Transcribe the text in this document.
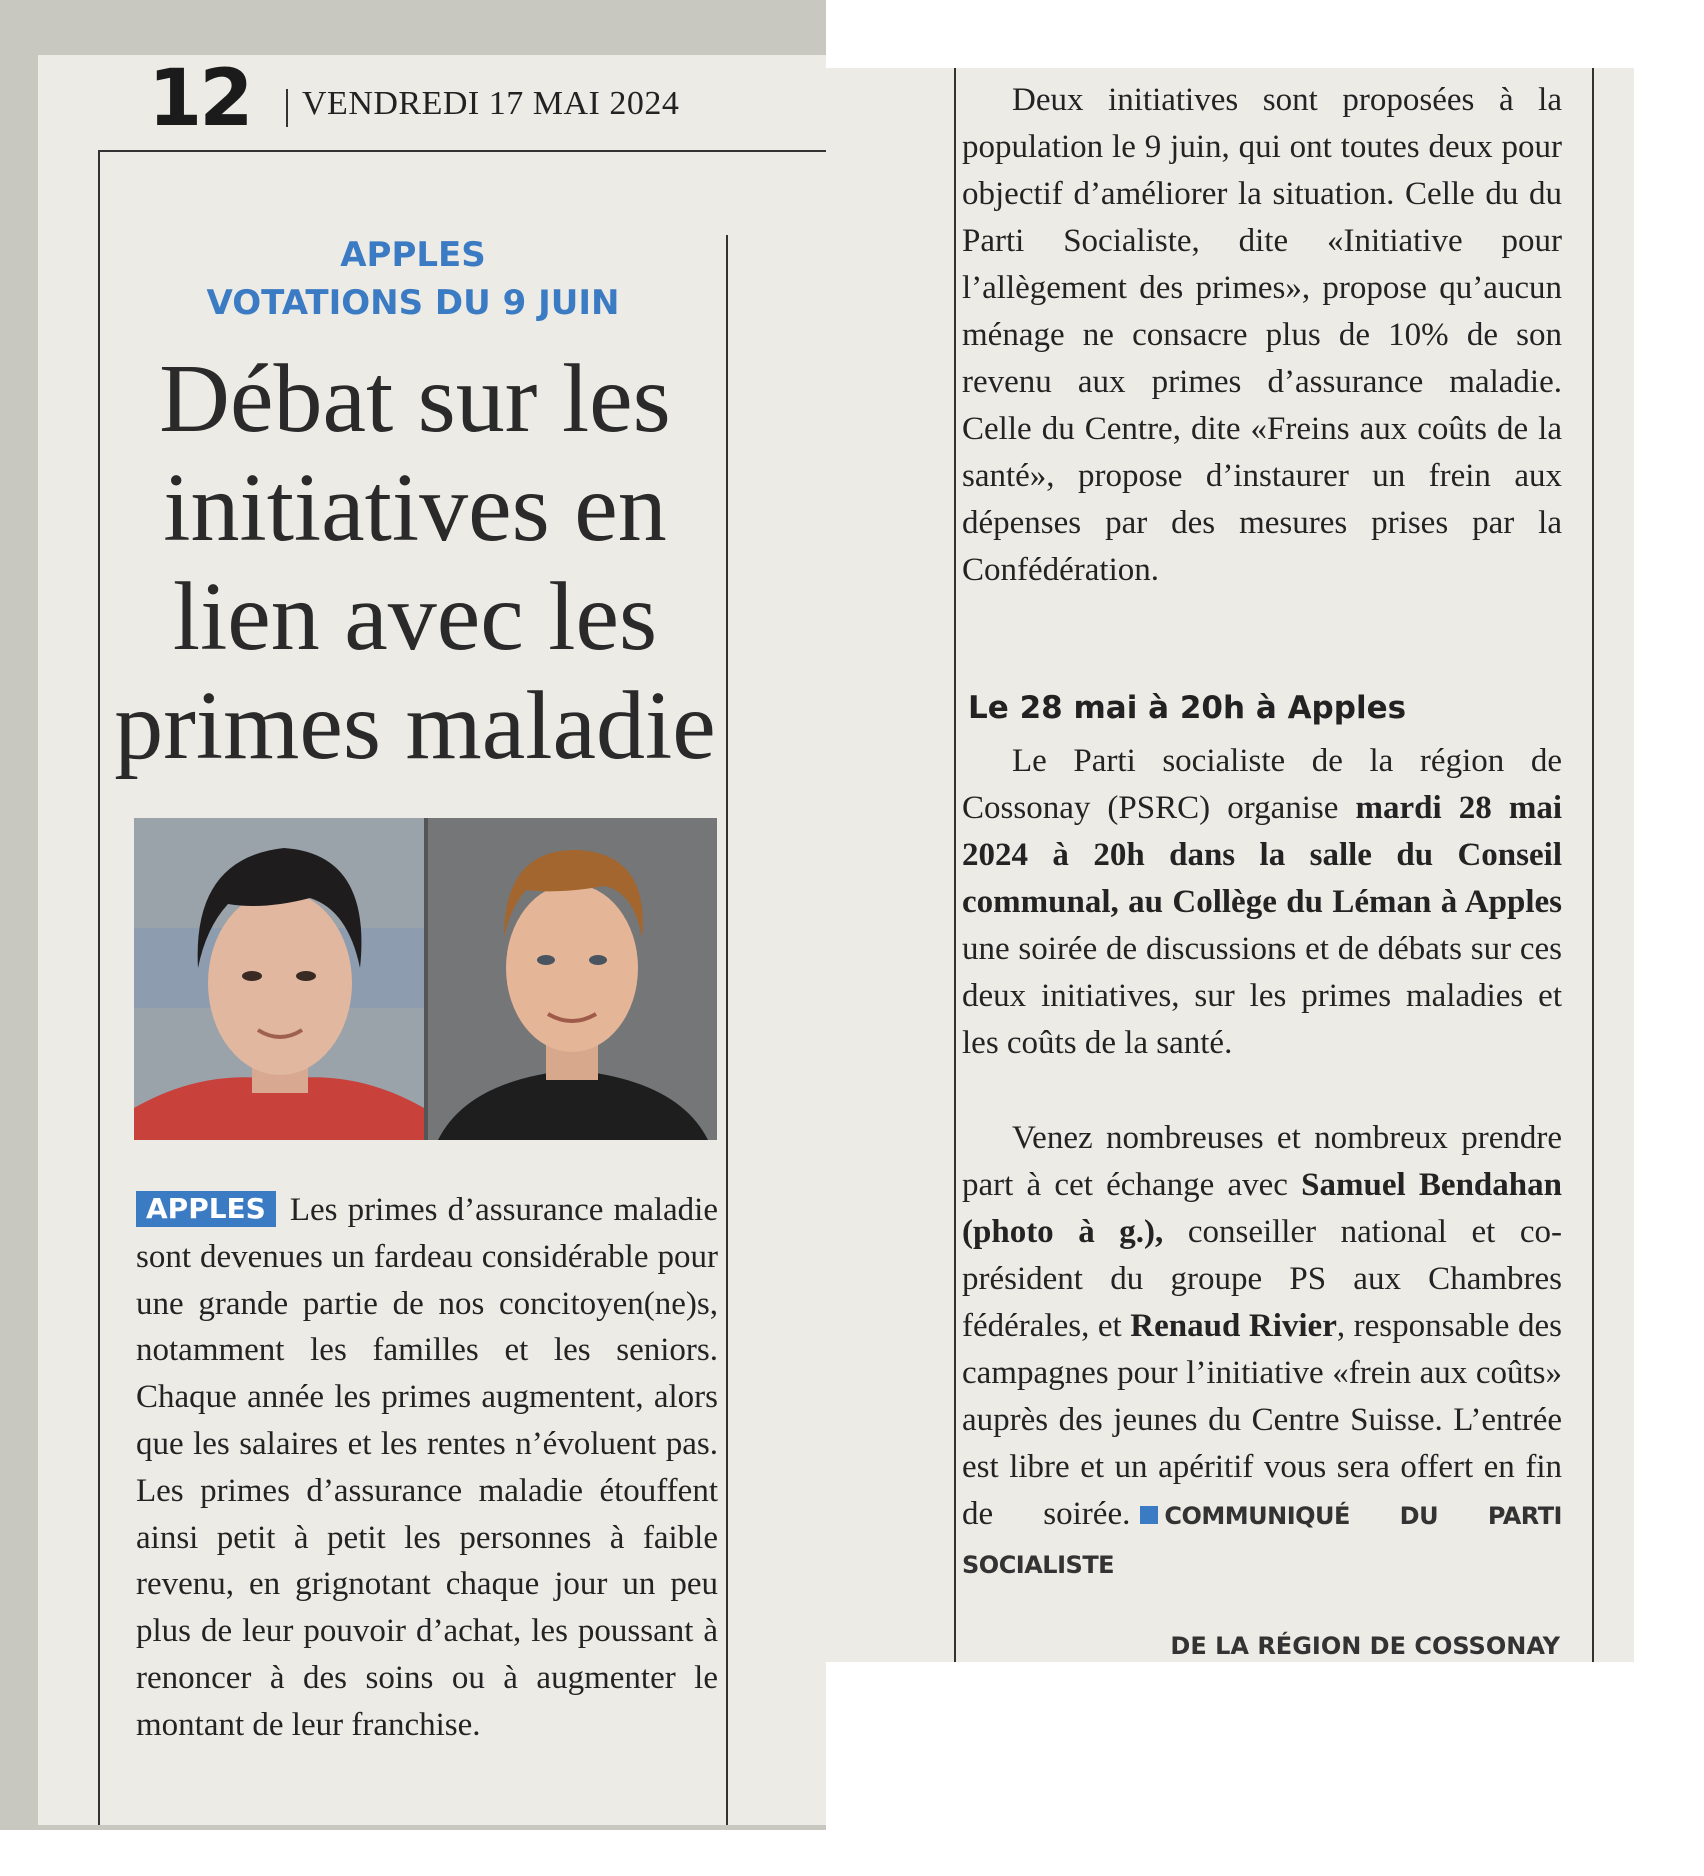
12 VENDREDI 17 MAI 2024
APPLES
VOTATIONS DU 9 JUIN
Débat sur les initiatives en lien avec les primes maladie
APPLES Les primes d’assurance maladie sont devenues un fardeau considérable pour une grande partie de nos concitoyen(ne)s, notamment les familles et les seniors. Chaque année les primes augmentent, alors que les salaires et les rentes n’évoluent pas. Les primes d’assurance maladie étouffent ainsi petit à petit les personnes à faible revenu, en grignotant chaque jour un peu plus de leur pouvoir d’achat, les poussant à renoncer à des soins ou à augmenter le montant de leur franchise.
Deux initiatives sont proposées à la population le 9 juin, qui ont toutes deux pour objectif d’améliorer la situation. Celle du du Parti Socialiste, dite «Initiative pour l’allègement des primes», propose qu’aucun ménage ne consacre plus de 10% de son revenu aux primes d’assurance maladie. Celle du Centre, dite «Freins aux coûts de la santé», propose d’instaurer un frein aux dépenses par des mesures prises par la Confédération.
Le 28 mai à 20h à Apples
Le Parti socialiste de la région de Cossonay (PSRC) organise mardi 28 mai 2024 à 20h dans la salle du Conseil communal, au Collège du Léman à Apples une soirée de discussions et de débats sur ces deux initiatives, sur les primes maladies et les coûts de la santé.
Venez nombreuses et nombreux prendre part à cet échange avec Samuel Bendahan (photo à g.), conseiller national et co-président du groupe PS aux Chambres fédérales, et Renaud Rivier, responsable des campagnes pour l’initiative «frein aux coûts» auprès des jeunes du Centre Suisse. L’entrée est libre et un apéritif vous sera offert en fin de soirée. COMMUNIQUÉ DU PARTI SOCIALISTE
DE LA RÉGION DE COSSONAY
